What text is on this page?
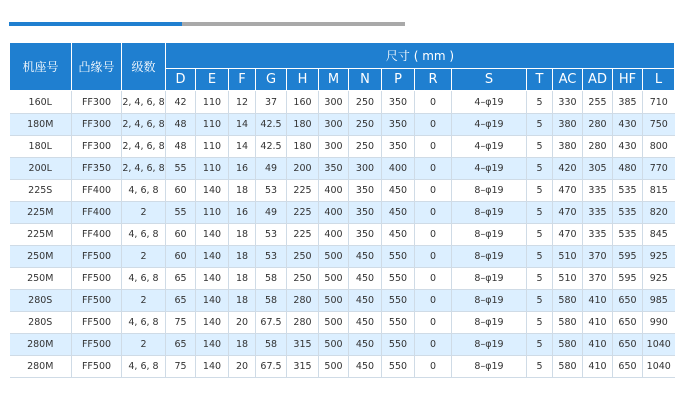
机座号	凸缘号	级数	尺寸 ( mm )														
			D	E	F	G	H	M	N	P	R	S	T	AC	AD	HF	L
160L	FF300	2, 4, 6, 8	42	110	12	37	160	300	250	350	0	4–φ19	5	330	255	385	710
180M	FF300	2, 4, 6, 8	48	110	14	42.5	180	300	250	350	0	4–φ19	5	380	280	430	750
180L	FF300	2, 4, 6, 8	48	110	14	42.5	180	300	250	350	0	4–φ19	5	380	280	430	800
200L	FF350	2, 4, 6, 8	55	110	16	49	200	350	300	400	0	4–φ19	5	420	305	480	770
225S	FF400	4, 6, 8	60	140	18	53	225	400	350	450	0	8–φ19	5	470	335	535	815
225M	FF400	2	55	110	16	49	225	400	350	450	0	8–φ19	5	470	335	535	820
225M	FF400	4, 6, 8	60	140	18	53	225	400	350	450	0	8–φ19	5	470	335	535	845
250M	FF500	2	60	140	18	53	250	500	450	550	0	8–φ19	5	510	370	595	925
250M	FF500	4, 6, 8	65	140	18	58	250	500	450	550	0	8–φ19	5	510	370	595	925
280S	FF500	2	65	140	18	58	280	500	450	550	0	8–φ19	5	580	410	650	985
280S	FF500	4, 6, 8	75	140	20	67.5	280	500	450	550	0	8–φ19	5	580	410	650	990
280M	FF500	2	65	140	18	58	315	500	450	550	0	8–φ19	5	580	410	650	1040
280M	FF500	4, 6, 8	75	140	20	67.5	315	500	450	550	0	8–φ19	5	580	410	650	1040
